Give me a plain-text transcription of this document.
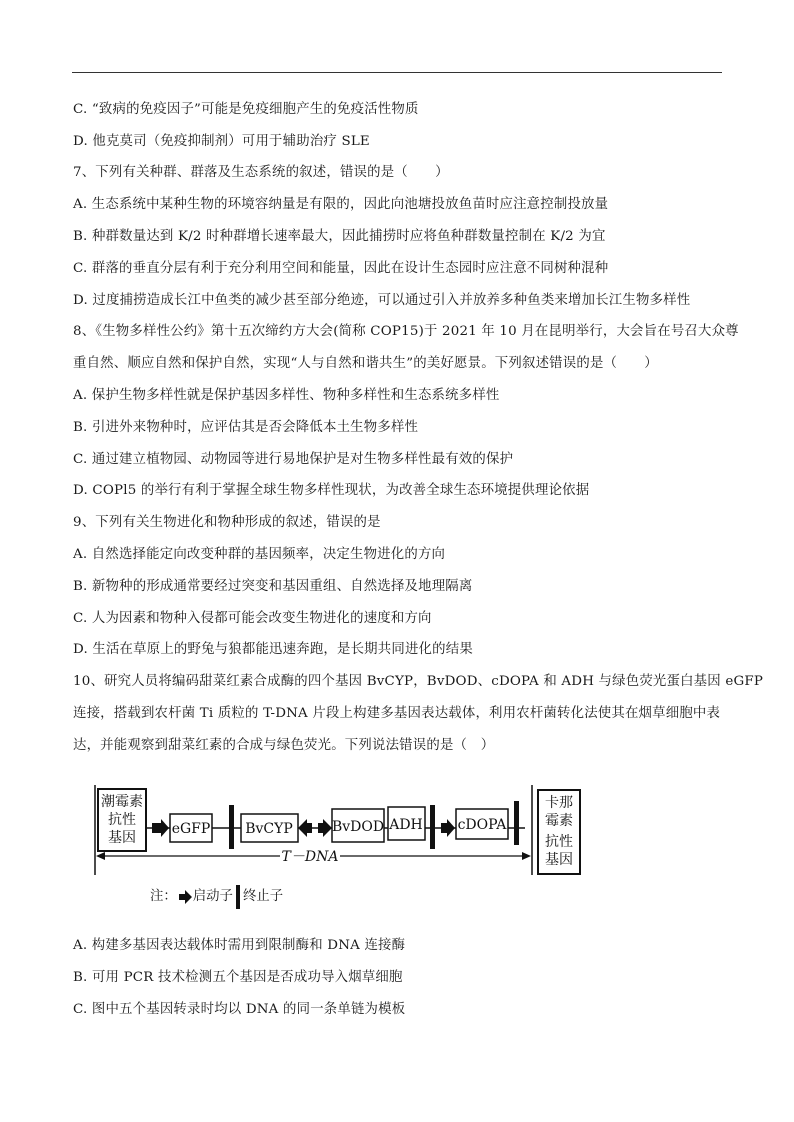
C. “致病的免疫因子”可能是免疫细胞产生的免疫活性物质
D. 他克莫司（免疫抑制剂）可用于辅助治疗 SLE
7、下列有关种群、群落及生态系统的叙述，错误的是（　　）
A. 生态系统中某种生物的环境容纳量是有限的，因此向池塘投放鱼苗时应注意控制投放量
B. 种群数量达到 K/2 时种群增长速率最大，因此捕捞时应将鱼种群数量控制在 K/2 为宜
C. 群落的垂直分层有利于充分利用空间和能量，因此在设计生态园时应注意不同树种混种
D. 过度捕捞造成长江中鱼类的减少甚至部分绝迹，可以通过引入并放养多种鱼类来增加长江生物多样性
8、《生物多样性公约》第十五次缔约方大会(简称 COP15)于 2021 年 10 月在昆明举行，大会旨在号召大众尊
重自然、顺应自然和保护自然，实现“人与自然和谐共生”的美好愿景。下列叙述错误的是（　　）
A. 保护生物多样性就是保护基因多样性、物种多样性和生态系统多样性
B. 引进外来物种时，应评估其是否会降低本土生物多样性
C. 通过建立植物园、动物园等进行易地保护是对生物多样性最有效的保护
D. COPl5 的举行有利于掌握全球生物多样性现状，为改善全球生态环境提供理论依据
9、下列有关生物进化和物种形成的叙述，错误的是
A. 自然选择能定向改变种群的基因频率，决定生物进化的方向
B. 新物种的形成通常要经过突变和基因重组、自然选择及地理隔离
C. 人为因素和物种入侵都可能会改变生物进化的速度和方向
D. 生活在草原上的野兔与狼都能迅速奔跑，是长期共同进化的结果
10、研究人员将编码甜菜红素合成酶的四个基因 BvCYP，BvDOD、cDOPA 和 ADH 与绿色荧光蛋白基因 eGFP
连接，搭载到农杆菌 Ti 质粒的 T-DNA 片段上构建多基因表达载体，利用农杆菌转化法使其在烟草细胞中表
达，并能观察到甜菜红素的合成与绿色荧光。下列说法错误的是（　）
A. 构建多基因表达载体时需用到限制酶和 DNA 连接酶
B. 可用 PCR 技术检测五个基因是否成功导入烟草细胞
C. 图中五个基因转录时均以 DNA 的同一条单链为模板
潮霉素
抗性
基因
eGFP BvCYP	BvDOD ADH cDOPA
卡那
霉素
抗性
基因
T－DNA
注： 启动子 终止子
